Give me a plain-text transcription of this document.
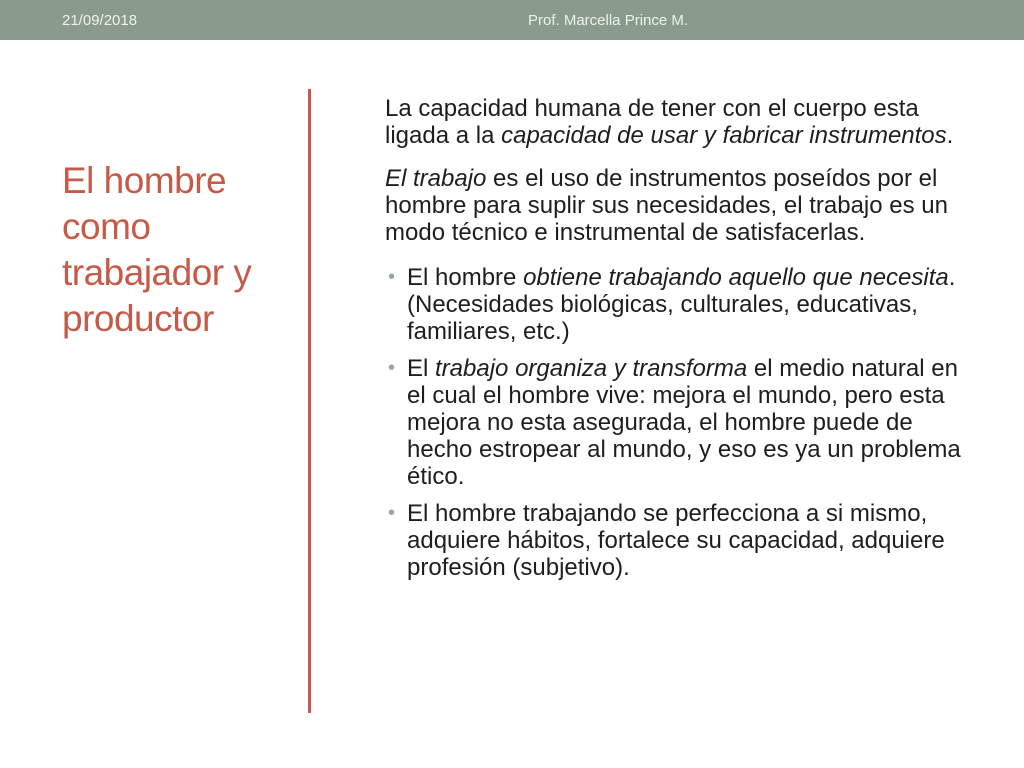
21/09/2018	Prof. Marcella Prince M.
El hombre como trabajador y productor

La capacidad humana de tener con el cuerpo esta ligada a la capacidad de usar y fabricar instrumentos.

El trabajo es el uso de instrumentos poseídos por el hombre para suplir sus necesidades, el trabajo es un modo técnico e instrumental de satisfacerlas.

• El hombre obtiene trabajando aquello que necesita. (Necesidades biológicas, culturales, educativas, familiares, etc.)
• El trabajo organiza y transforma el medio natural en el cual el hombre vive: mejora el mundo, pero esta mejora no esta asegurada, el hombre puede de hecho estropear al mundo, y eso es ya un problema ético.
• El hombre trabajando se perfecciona a si mismo, adquiere hábitos, fortalece su capacidad, adquiere profesión (subjetivo).
